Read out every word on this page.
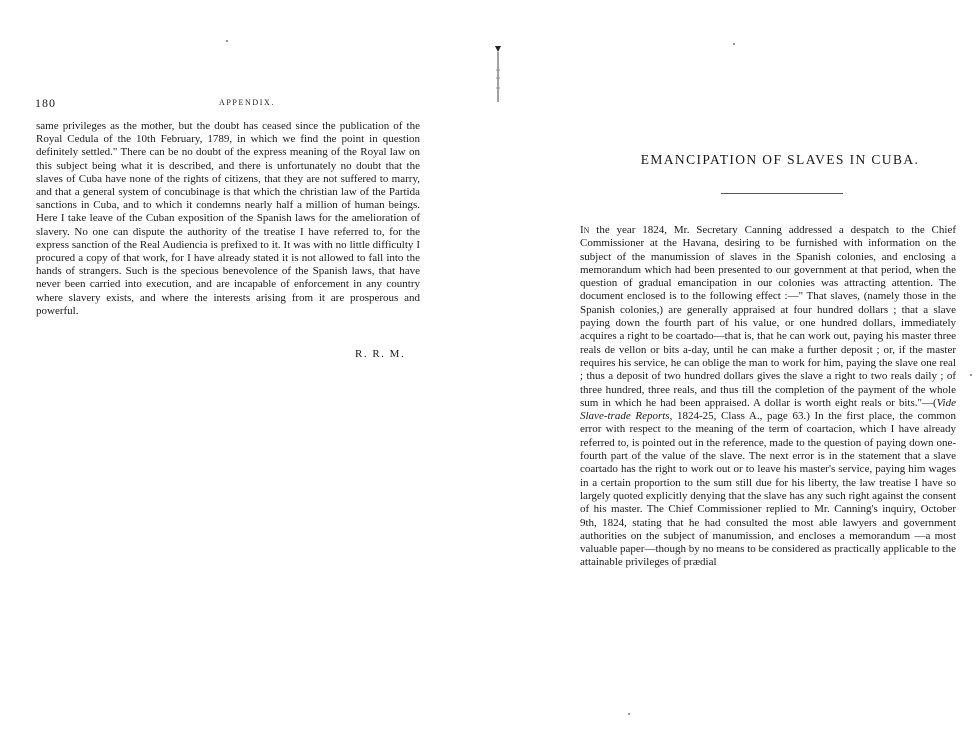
180	APPENDIX.

same privileges as the mother, but the doubt has ceased since the publication of the Royal Cedula of the 10th February, 1789, in which we find the point in question definitely settled." There can be no doubt of the express meaning of the Royal law on this subject being what it is described, and there is unfortunately no doubt that the slaves of Cuba have none of the rights of citizens, that they are not suffered to marry, and that a general system of concubinage is that which the christian law of the Partida sanctions in Cuba, and to which it condemns nearly half a million of human beings. Here I take leave of the Cuban exposition of the Spanish laws for the amelioration of slavery. No one can dispute the authority of the treatise I have referred to, for the express sanction of the Real Audiencia is prefixed to it. It was with no little difficulty I procured a copy of that work, for I have already stated it is not allowed to fall into the hands of strangers. Such is the specious benevolence of the Spanish laws, that have never been carried into execution, and are incapable of enforcement in any country where slavery exists, and where the interests arising from it are prosperous and powerful.

R. R. M.
EMANCIPATION OF SLAVES IN CUBA.

In the year 1824, Mr. Secretary Canning addressed a despatch to the Chief Commissioner at the Havana, desiring to be furnished with information on the subject of the manumission of slaves in the Spanish colonies, and enclosing a memorandum which had been presented to our government at that period, when the question of gradual emancipation in our colonies was attracting attention. The document enclosed is to the following effect :—" That slaves, (namely those in the Spanish colonies,) are generally appraised at four hundred dollars ; that a slave paying down the fourth part of his value, or one hundred dollars, immediately acquires a right to be coartado—that is, that he can work out, paying his master three reals de vellon or bits a-day, until he can make a further deposit ; or, if the master requires his service, he can oblige the man to work for him, paying the slave one real ; thus a deposit of two hundred dollars gives the slave a right to two reals daily ; of three hundred, three reals, and thus till the completion of the payment of the whole sum in which he had been appraised. A dollar is worth eight reals or bits."—(Vide Slave-trade Reports, 1824-25, Class A., page 63.) In the first place, the common error with respect to the meaning of the term of coartacion, which I have already referred to, is pointed out in the reference, made to the question of paying down one-fourth part of the value of the slave. The next error is in the statement that a slave coartado has the right to work out or to leave his master's service, paying him wages in a certain proportion to the sum still due for his liberty, the law treatise I have so largely quoted explicitly denying that the slave has any such right against the consent of his master. The Chief Commissioner replied to Mr. Canning's inquiry, October 9th, 1824, stating that he had consulted the most able lawyers and government authorities on the subject of manumission, and encloses a memorandum —a most valuable paper—though by no means to be considered as practically applicable to the attainable privileges of prædial
